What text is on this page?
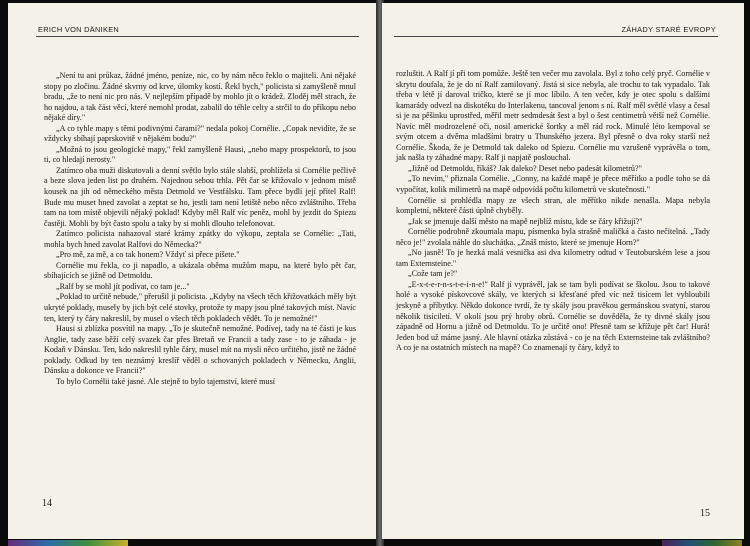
ERICH VON DÄNIKEN

„Není tu ani průkaz, žádné jméno, peníze, nic, co by nám něco řeklo o majiteli. Ani nějaké stopy po zločinu. Žádné skvrny od krve, úlomky kostí. Řekl bych," policista si zamyšleně mnul bradu, „že to není nic pro nás. V nejlepším případě by mohlo jít o krádež. Zloděj měl strach, že ho najdou, a tak část věcí, které nemohl prodat, zabalil do téhle celty a strčil to do příkopu nebo nějaké díry."

„A co tyhle mapy s těmi podivnými čarami?" nedala pokoj Cornélie. „Copak nevidíte, že se vždycky sbíhají paprskovitě v nějakém bodu?"

„Možná to jsou geologické mapy," řekl zamyšleně Hausi, „nebo mapy prospektorů, to jsou ti, co hledají nerosty."

Zatímco oba muži diskutovali a denní světlo bylo stále slabší, prohlížela si Cornélie pečlivě a beze slova jeden list po druhém. Najednou sebou trhla. Pět čar se křižovalo v jednom místě kousek na jih od německého města Detmold ve Vestfálsku. Tam přece bydlí její přítel Ralf! Bude mu muset hned zavolat a zeptat se ho, jestli tam není letiště nebo něco zvláštního. Třeba tam na tom místě objevili nějaký poklad! Kdyby měl Ralf víc peněz, mohl by jezdit do Spiezu častěji. Mohli by být často spolu a taky by si mohli dlouho telefonovat.

Zatímco policista nahazoval staré krámy zpátky do výkopu, zeptala se Cornélie: „Tati, mohla bych hned zavolat Ralfovi do Německa?"

„Pro mě, za mě, a co tak honem? Vždyť si přece píšete."

Cornélie mu řekla, co ji napadlo, a ukázala oběma mužům mapu, na které bylo pět čar, sbíhajících se jižně od Detmoldu.

„Ralf by se mohl jít podívat, co tam je..."

„Poklad to určitě nebude," přerušil ji policista. „Kdyby na všech těch křižovatkách měly být ukryté poklady, musely by jich být celé stovky, protože ty mapy jsou plné takových míst. Navíc ten, který ty čáry nakreslil, by musel o všech těch pokladech vědět. To je nemožné!"

Hausi si zblízka posvítil na mapy. „To je skutečně nemožné. Podívej, tady na té části je kus Anglie, tady zase běží celý svazek čar přes Bretaň ve Francii a tady zase - to je záhada - je Kodaň v Dánsku. Ten, kdo nakreslil tyhle čáry, musel mít na mysli něco určitého, jistě ne žádné poklady. Odkud by ten neznámý kreslíř věděl o schovaných pokladech v Německu, Anglii, Dánsku a dokonce ve Francii?"

To bylo Cornélii také jasné. Ale stejně to bylo tajemství, které musí

14
ZÁHADY STARÉ EVROPY

rozluštit. A Ralf jí při tom pomůže. Ještě ten večer mu zavolala. Byl z toho celý pryč. Cornélie v skrytu doufala, že je do ní Ralf zamilovaný. Jistá si sice nebyla, ale trochu to tak vypadalo. Tak třeba v létě jí daroval tričko, které se jí moc líbilo. A ten večer, kdy je otec spolu s dalšími kamarády odvezl na diskotéku do Interlakenu, tancoval jenom s ní. Ralf měl světlé vlasy a česal si je na pěšinku uprostřed, měřil metr sedmdesát šest a byl o šest centimetrů větší než Cornélie. Navíc měl modrozelené oči, nosil americké šortky a měl rád rock. Minulé léto kempoval se svým otcem a dvěma mladšími bratry u Thunského jezera. Byl přesně o dva roky starší než Cornélie. Škoda, že je Detmold tak daleko od Spiezu. Cornélie mu vzrušeně vyprávěla o tom, jak našla ty záhadné mapy. Ralf ji napjatě poslouchal.

„Jižně od Detmoldu, říkáš? Jak daleko? Deset nebo padesát kilometrů?"

„To nevím," přiznala Cornélie. „Conny, na každé mapě je přece měřítko a podle toho se dá vypočítat, kolik milimetrů na mapě odpovídá počtu kilometrů ve skutečnosti."

Cornélie si prohlédla mapy ze všech stran, ale měřítko nikde nenašla. Mapa nebyla kompletní, některé části úplně chyběly.

„Jak se jmenuje další město na mapě nejblíž místu, kde se čáry křižují?"

Cornélie podrobně zkoumala mapu, písmenka byla strašně maličká a často nečitelná. „Tady něco je!" zvolala náhle do sluchátka. „Znáš místo, které se jmenuje Horn?"

„No jasně! To je hezká malá vesnička asi dva kilometry odtud v Teutoburském lese a jsou tam Externsteine."

„Cože tam je?"

„E-x-t-e-r-n-s-t-e-i-n-e!" Ralf jí vyprávěl, jak se tam byli podívat se školou. Jsou to takové holé a vysoké pískovcové skály, ve kterých si křesťané před víc než tisícem let vyhloubili jeskyně a příbytky. Někdo dokonce tvrdí, že ty skály jsou pravěkou germánskou svatyní, starou několik tisíciletí. V okolí jsou prý hroby obrů. Cornélie se dověděla, že ty divné skály jsou západně od Hornu a jižně od Detmoldu. To je určitě ono! Přesně tam se křížuje pět čar! Hurá! Jeden bod už máme jasný. Ale hlavní otázka zůstává - co je na těch Externsteine tak zvláštního? A co je na ostatních místech na mapě? Co znamenají ty čáry, když to

15
